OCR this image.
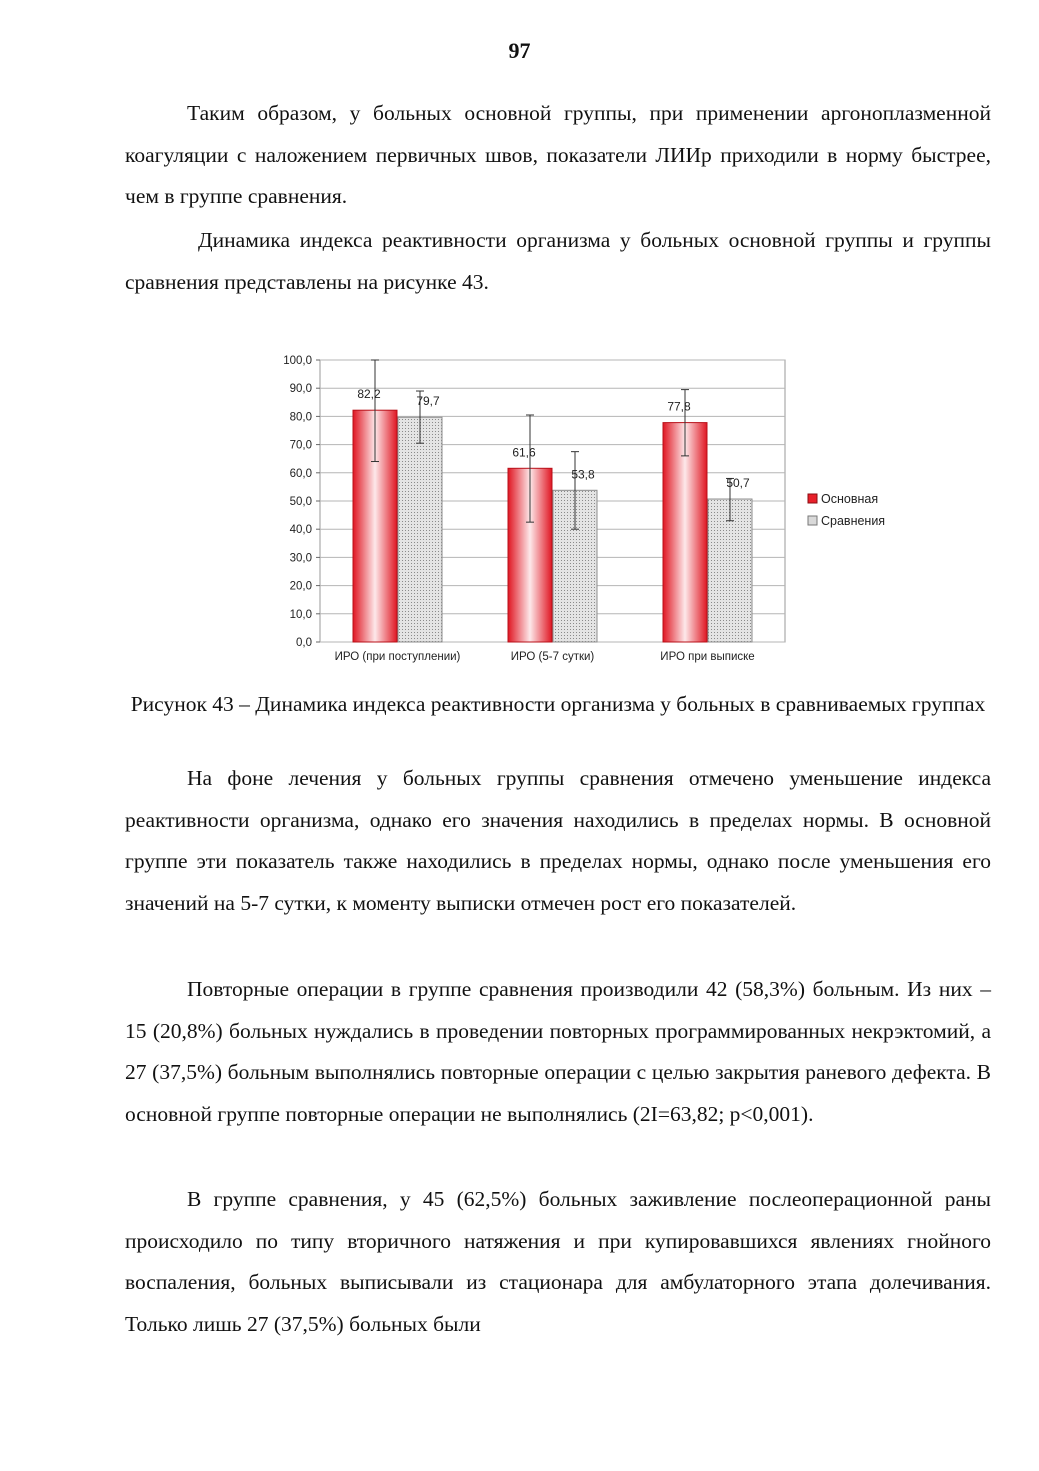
97

Таким образом, у больных основной группы, при применении аргоноплазменной коагуляции с наложением первичных швов, показатели ЛИИр приходили в норму быстрее, чем в группе сравнения.

Динамика индекса реактивности организма у больных основной группы и группы сравнения представлены на рисунке 43.

0,0
10,0
20,0
30,0
40,0
50,0
60,0
70,0
80,0
90,0
100,0
82,2
79,7
61,6
53,8
77,8
50,7
ИРО (при поступлении)	ИРО (5-7 сутки)	ИРО при выписке
Основная
Сравнения

Рисунок 43 – Динамика индекса реактивности организма у больных в сравниваемых группах

На фоне лечения у больных группы сравнения отмечено уменьшение индекса реактивности организма, однако его значения находились в пределах нормы. В основной группе эти показатель также находились в пределах нормы, однако после уменьшения его значений на 5-7 сутки, к моменту выписки отмечен рост его показателей.

Повторные операции в группе сравнения производили 42 (58,3%) больным. Из них – 15 (20,8%) больных нуждались в проведении повторных программированных некрэктомий, а 27 (37,5%) больным выполнялись повторные операции с целью закрытия раневого дефекта. В основной группе повторные операции не выполнялись (2I=63,82; p<0,001).

В группе сравнения, у 45 (62,5%) больных заживление послеоперационной раны происходило по типу вторичного натяжения и при купировавшихся явлениях гнойного воспаления, больных выписывали из стационара для амбулаторного этапа долечивания. Только лишь 27 (37,5%) больных были
